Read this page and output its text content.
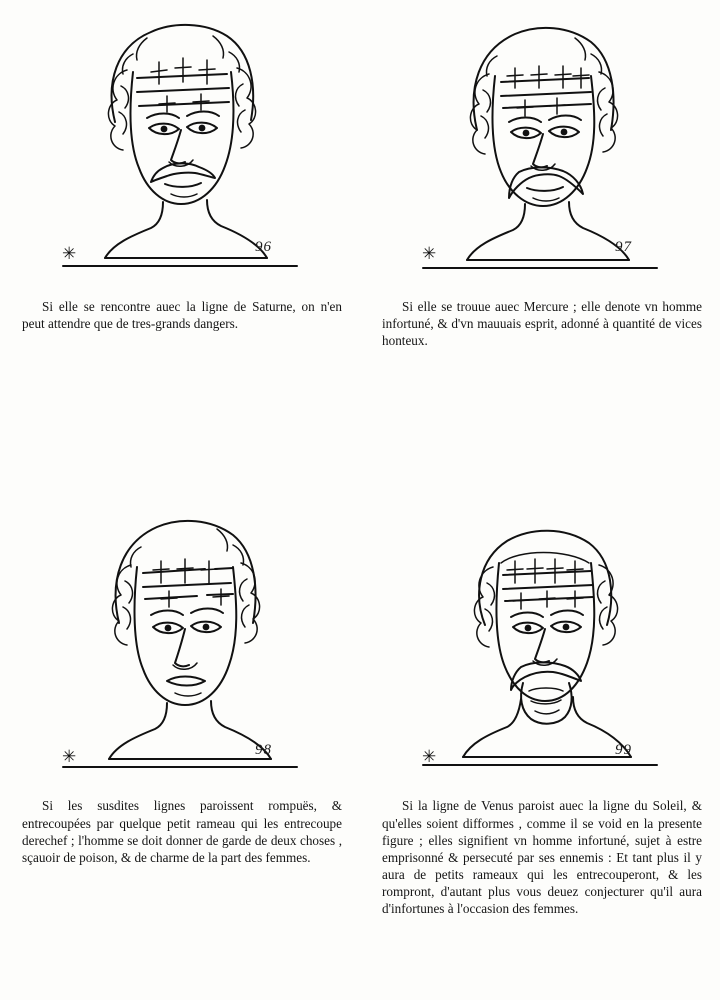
✳	96

Si elle se rencontre auec la ligne de Saturne, on n'en peut attendre que de tres-grands dangers.

✳	97

Si elle se trouue auec Mercure ; elle denote vn homme infortuné, & d'vn mauuais esprit, adonné à quantité de vices honteux.

✳	98

Si les susdites lignes paroissent rompuës, & entrecoupées par quelque petit rameau qui les entrecoupe derechef ; l'homme se doit donner de garde de deux choses , sçauoir de poison, & de charme de la part des femmes.

✳	99

Si la ligne de Venus paroist auec la ligne du Soleil, & qu'elles soient difformes , comme il se void en la presente figure ; elles signifient vn homme infortuné, sujet à estre emprisonné & persecuté par ses ennemis : Et tant plus il y aura de petits rameaux qui les entrecouperont, & les rompront, d'autant plus vous deuez conjecturer qu'il aura d'infortunes à l'occasion des femmes.
